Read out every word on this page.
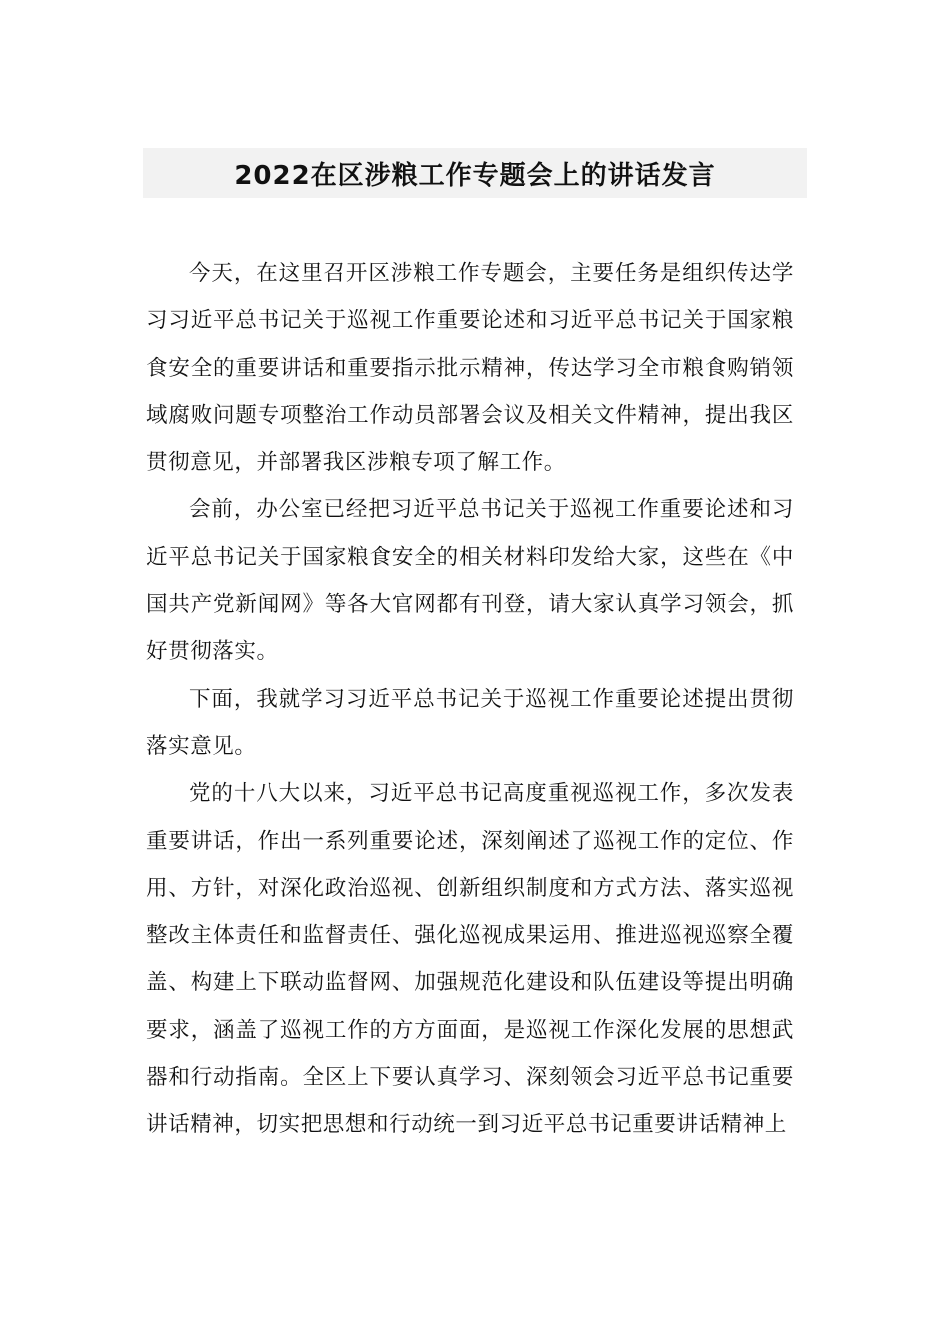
2022在区涉粮工作专题会上的讲话发言

今天，在这里召开区涉粮工作专题会，主要任务是组织传达学习习近平总书记关于巡视工作重要论述和习近平总书记关于国家粮食安全的重要讲话和重要指示批示精神，传达学习全市粮食购销领域腐败问题专项整治工作动员部署会议及相关文件精神，提出我区贯彻意见，并部署我区涉粮专项了解工作。

会前，办公室已经把习近平总书记关于巡视工作重要论述和习近平总书记关于国家粮食安全的相关材料印发给大家，这些在《中国共产党新闻网》等各大官网都有刊登，请大家认真学习领会，抓好贯彻落实。

下面，我就学习习近平总书记关于巡视工作重要论述提出贯彻落实意见。

党的十八大以来，习近平总书记高度重视巡视工作，多次发表重要讲话，作出一系列重要论述，深刻阐述了巡视工作的定位、作用、方针，对深化政治巡视、创新组织制度和方式方法、落实巡视整改主体责任和监督责任、强化巡视成果运用、推进巡视巡察全覆盖、构建上下联动监督网、加强规范化建设和队伍建设等提出明确要求，涵盖了巡视工作的方方面面，是巡视工作深化发展的思想武器和行动指南。全区上下要认真学习、深刻领会习近平总书记重要讲话精神，切实把思想和行动统一到习近平总书记重要讲话精神上
